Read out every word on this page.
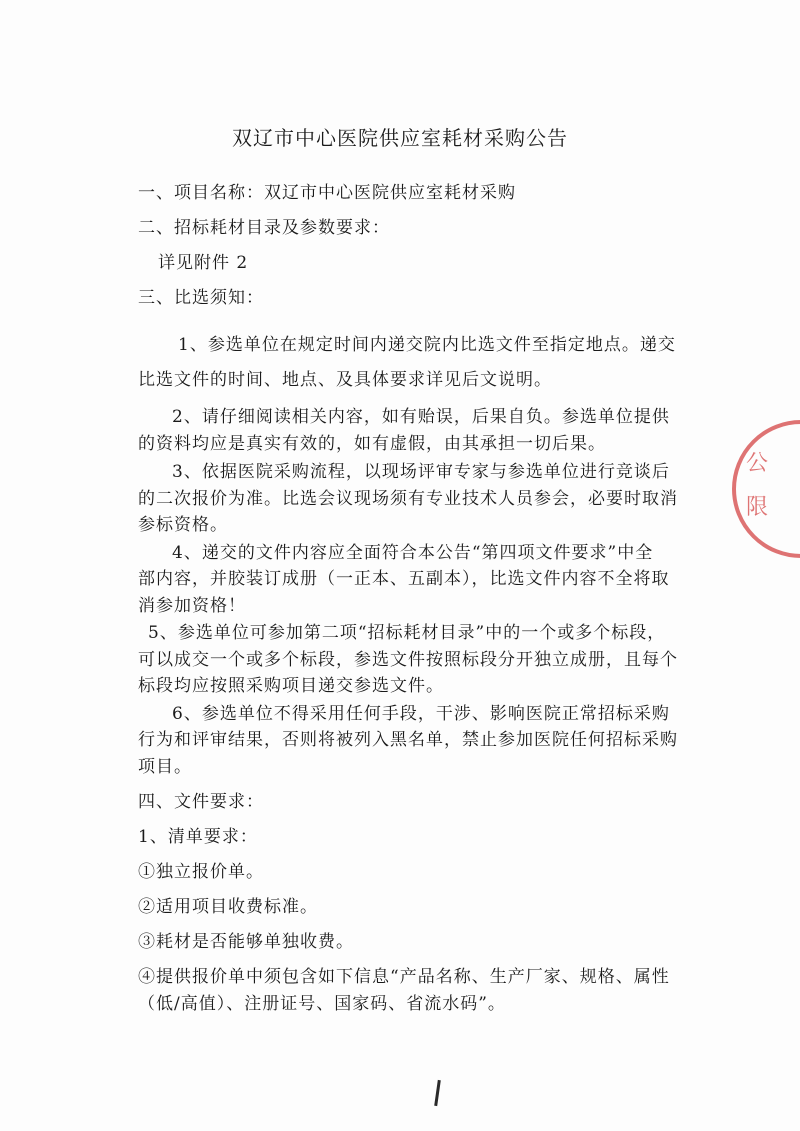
双辽市中心医院供应室耗材采购公告
一、项目名称：双辽市中心医院供应室耗材采购
二、招标耗材目录及参数要求：
详见附件 2
三、比选须知：
1、参选单位在规定时间内递交院内比选文件至指定地点。递交
比选文件的时间、地点、及具体要求详见后文说明。
2、请仔细阅读相关内容，如有贻误，后果自负。参选单位提供
的资料均应是真实有效的，如有虚假，由其承担一切后果。
3、依据医院采购流程，以现场评审专家与参选单位进行竞谈后
的二次报价为准。比选会议现场须有专业技术人员参会，必要时取消
参标资格。
4、递交的文件内容应全面符合本公告“第四项文件要求”中全
部内容，并胶装订成册（一正本、五副本），比选文件内容不全将取
消参加资格！
5、参选单位可参加第二项“招标耗材目录”中的一个或多个标段，
可以成交一个或多个标段，参选文件按照标段分开独立成册，且每个
标段均应按照采购项目递交参选文件。
6、参选单位不得采用任何手段，干涉、影响医院正常招标采购
行为和评审结果，否则将被列入黑名单，禁止参加医院任何招标采购
项目。
四、文件要求：
1、清单要求：
①独立报价单。
②适用项目收费标准。
③耗材是否能够单独收费。
④提供报价单中须包含如下信息“产品名称、生产厂家、规格、属性
（低/高值）、注册证号、国家码、省流水码”。
公
限
